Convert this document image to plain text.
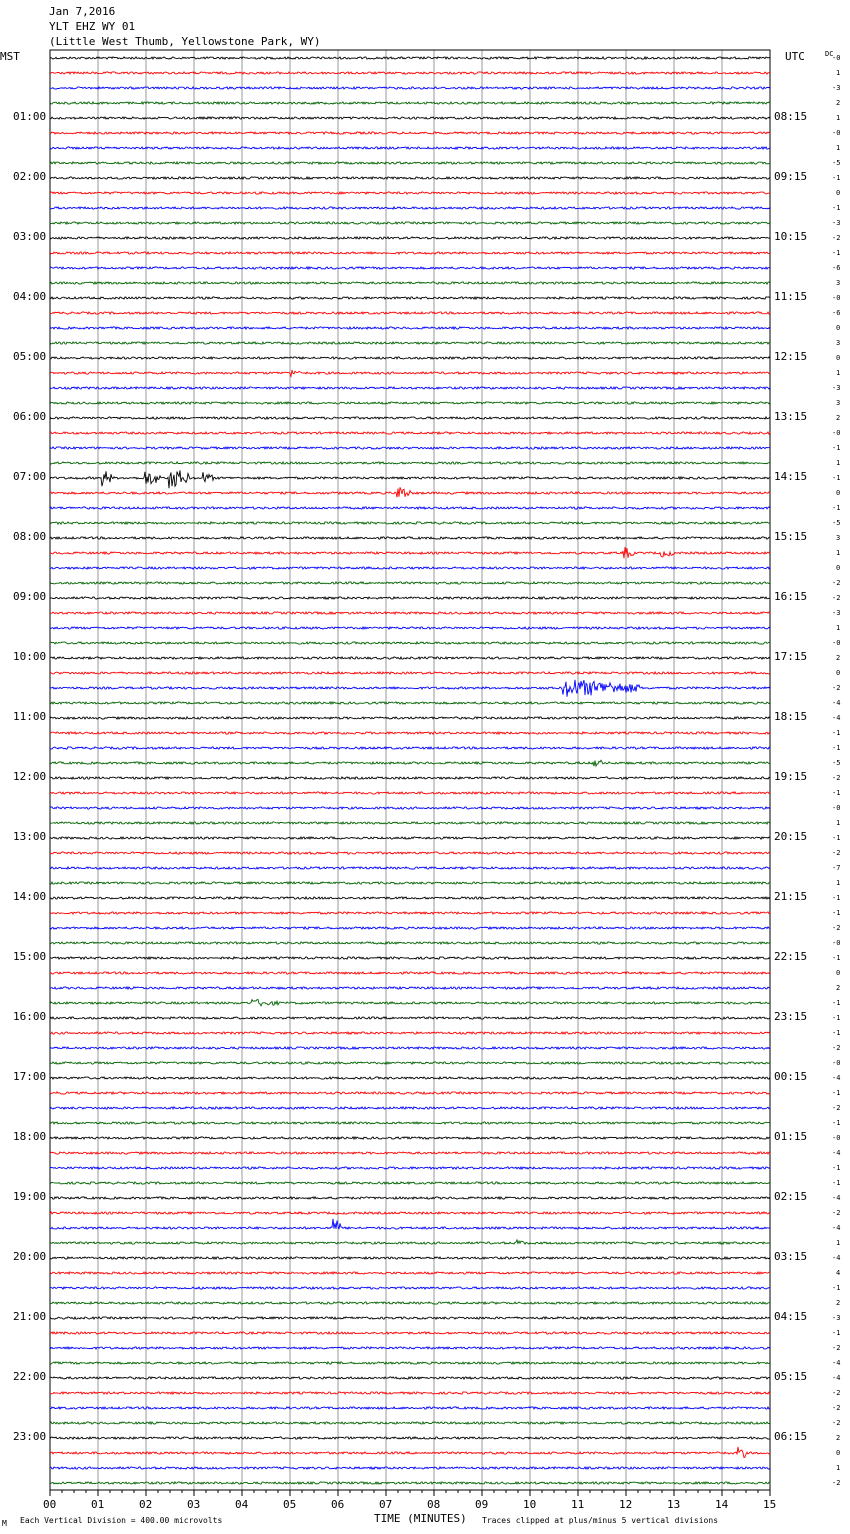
Jan 7,2016
YLT EHZ WY 01
(Little West Thumb, Yellowstone Park, WY)
MST	UTC	DC
M Each Vertical Division = 400.00 microvolts	TIME (MINUTES) Traces clipped at plus/minus 5 vertical divisions
00	01	02	03	04	05	06	07	08	09	10	11	12	13	14	15
01:00
02:00
03:00
04:00
05:00
06:00
07:00
08:00
09:00
10:00
11:00
12:00
13:00
14:00
15:00
16:00
17:00
18:00
19:00
20:00
21:00
22:00
23:00
08:15
09:15
10:15
11:15
12:15
13:15
14:15
15:15
16:15
17:15
18:15
19:15
20:15
21:15
22:15
23:15
00:15
01:15
02:15
03:15
04:15
05:15
06:15
-0
1
-3
2
1
-0
1
-5
-1
0
-1
-3
-2
-1
-6
3
-0
-6
0
3
0
1
-3
3
2
-0
-1
1
-1
0
-1
-5
3
1
0
-2
-2
-3
1
-0
2
0
-2
-4
-4
-1
-1
-5
-2
-1
-0
1
-1
-2
-7
1
-1
-1
-2
-0
-1
0
2
-1
-1
-1
-2
-0
-4
-1
-2
-1
-0
-4
-1
-1
-4
-2
-4
1
-4
4
-1
2
-3
-1
-2
-4
-4
-2
-2
-2
2
0
1
-2
